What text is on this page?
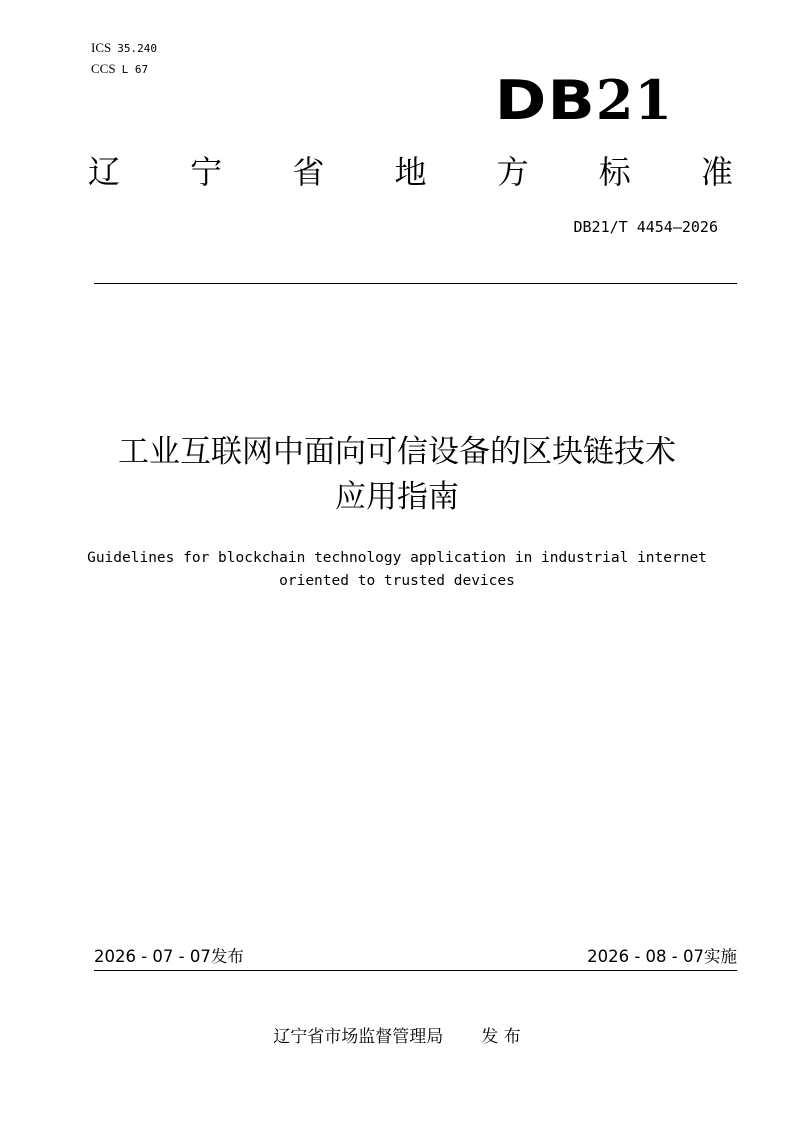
ICS 35.240
CCS L 67	DB21
辽 宁 省 地 方 标 准
DB21/T 4454—2026
工业互联网中面向可信设备的区块链技术
应用指南
Guidelines for blockchain technology application in industrial internet
oriented to trusted devices
2026 - 07 - 07发布	2026 - 08 - 07实施
辽宁省市场监督管理局 发 布
